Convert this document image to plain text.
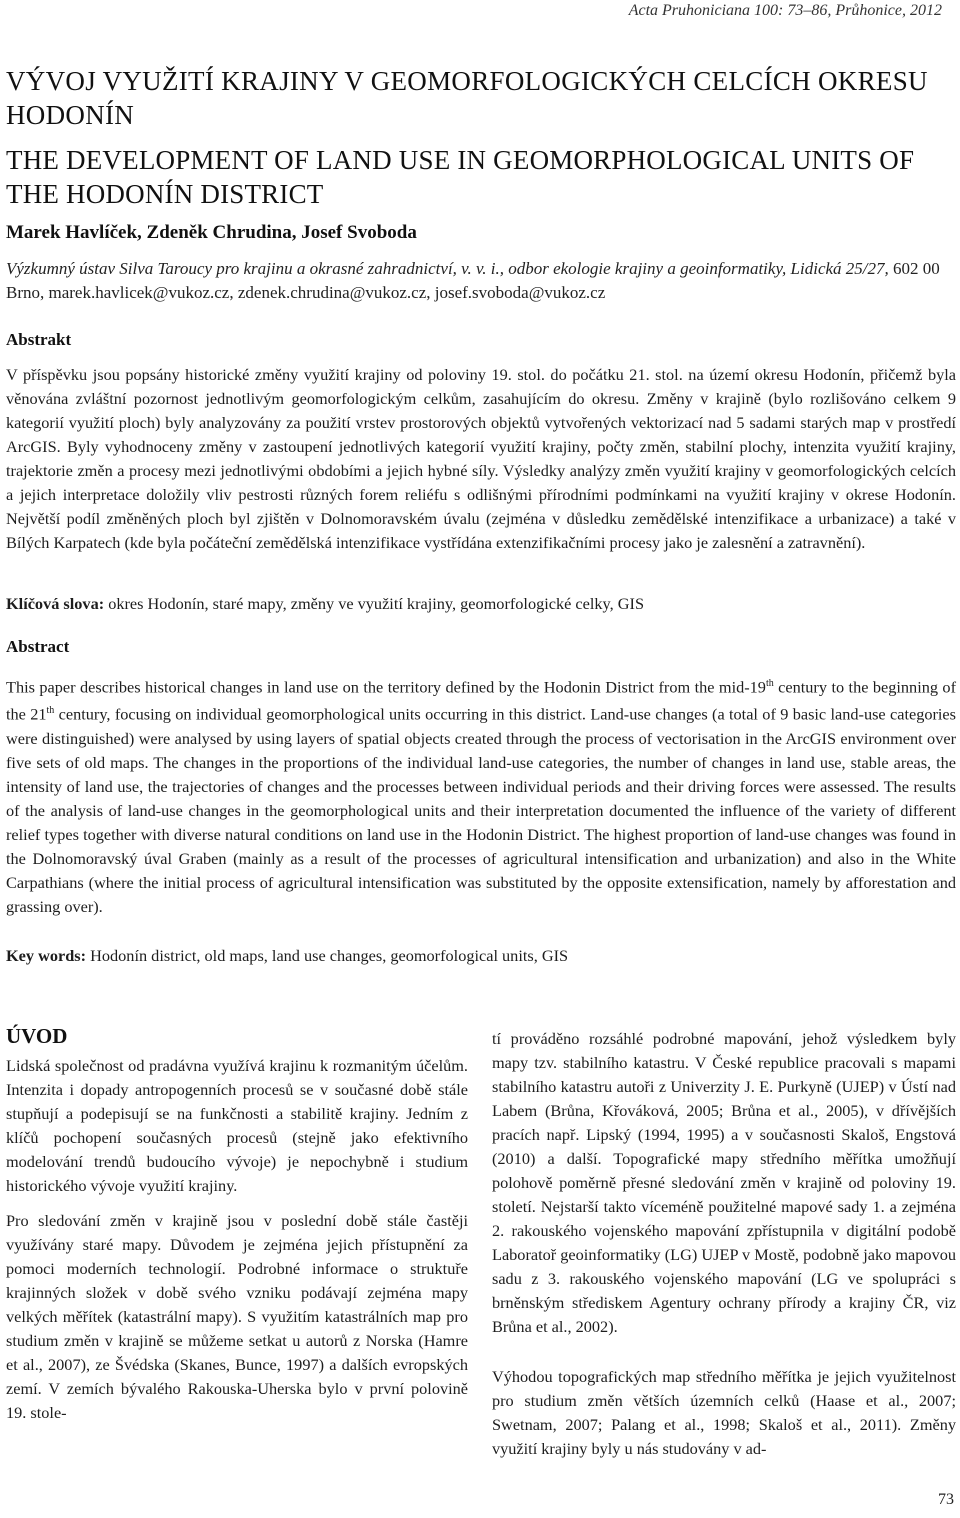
Acta Pruhoniciana 100: 73–86, Průhonice, 2012
VÝVOJ VYUŽITÍ KRAJINY V GEOMORFOLOGICKÝCH CELCÍCH OKRESU HODONÍN
THE DEVELOPMENT OF LAND USE IN GEOMORPHOLOGICAL UNITS OF THE HODONÍN DISTRICT
Marek Havlíček, Zdeněk Chrudina, Josef Svoboda
Výzkumný ústav Silva Taroucy pro krajinu a okrasné zahradnictví, v. v. i., odbor ekologie krajiny a geoinformatiky, Lidická 25/27, 602 00 Brno, marek.havlicek@vukoz.cz, zdenek.chrudina@vukoz.cz, josef.svoboda@vukoz.cz
Abstrakt
V příspěvku jsou popsány historické změny využití krajiny od poloviny 19. stol. do počátku 21. stol. na území okresu Hodonín, přičemž byla věnována zvláštní pozornost jednotlivým geomorfologickým celkům, zasahujícím do okresu. Změny v krajině (bylo rozlišováno celkem 9 kategorií využití ploch) byly analyzovány za použití vrstev prostorových objektů vytvořených vektorizací nad 5 sadami starých map v prostředí ArcGIS. Byly vyhodnoceny změny v zastoupení jednotlivých kategorií využití krajiny, počty změn, stabilní plochy, intenzita využití krajiny, trajektorie změn a procesy mezi jednotlivými obdobími a jejich hybné síly. Výsledky analýzy změn využití krajiny v geomorfologických celcích a jejich interpretace doložily vliv pestrosti různých forem reliéfu s odlišnými přírodními podmínkami na využití krajiny v okrese Hodonín. Největší podíl změněných ploch byl zjištěn v Dolnomoravském úvalu (zejména v důsledku zemědělské intenzifikace a urbanizace) a také v Bílých Karpatech (kde byla počáteční zemědělská intenzifikace vystřídána extenzifikačními procesy jako je zalesnění a zatravnění).
Klíčová slova: okres Hodonín, staré mapy, změny ve využití krajiny, geomorfologické celky, GIS
Abstract
This paper describes historical changes in land use on the territory defined by the Hodonin District from the mid-19th century to the beginning of the 21th century, focusing on individual geomorphological units occurring in this district. Land-use changes (a total of 9 basic land-use categories were distinguished) were analysed by using layers of spatial objects created through the process of vectorisation in the ArcGIS environment over five sets of old maps. The changes in the proportions of the individual land-use categories, the number of changes in land use, stable areas, the intensity of land use, the trajectories of changes and the processes between individual periods and their driving forces were assessed. The results of the analysis of land-use changes in the geomorphological units and their interpretation documented the influence of the variety of different relief types together with diverse natural conditions on land use in the Hodonin District. The highest proportion of land-use changes was found in the Dolnomoravský úval Graben (mainly as a result of the processes of agricultural intensification and urbanization) and also in the White Carpathians (where the initial process of agricultural intensification was substituted by the opposite extensification, namely by afforestation and grassing over).
Key words: Hodonín district, old maps, land use changes, geomorfological units, GIS
ÚVOD
Lidská společnost od pradávna využívá krajinu k rozmanitým účelům. Intenzita i dopady antropogenních procesů se v současné době stále stupňují a podepisují se na funkčnosti a stabilitě krajiny. Jedním z klíčů pochopení současných procesů (stejně jako efektivního modelování trendů budoucího vývoje) je nepochybně i studium historického vývoje využití krajiny.
Pro sledování změn v krajině jsou v poslední době stále častěji využívány staré mapy. Důvodem je zejména jejich přístupnění za pomoci moderních technologií. Podrobné informace o struktuře krajinných složek v době svého vzniku podávají zejména mapy velkých měřítek (katastrální mapy). S využitím katastrálních map pro studium změn v krajině se můžeme setkat u autorů z Norska (Hamre et al., 2007), ze Švédska (Skanes, Bunce, 1997) a dalších evropských zemí. V zemích bývalého Rakouska-Uherska bylo v první polovině 19. stole-
tí prováděno rozsáhlé podrobné mapování, jehož výsledkem byly mapy tzv. stabilního katastru. V České republice pracovali s mapami stabilního katastru autoři z Univerzity J. E. Purkyně (UJEP) v Ústí nad Labem (Brůna, Křováková, 2005; Brůna et al., 2005), v dřívějších pracích např. Lipský (1994, 1995) a v současnosti Skaloš, Engstová (2010) a další. Topografické mapy středního měřítka umožňují polohově poměrně přesné sledování změn v krajině od poloviny 19. století. Nejstarší takto víceméně použitelné mapové sady 1. a zejména 2. rakouského vojenského mapování zpřístupnila v digitální podobě Laboratoř geoinformatiky (LG) UJEP v Mostě, podobně jako mapovou sadu z 3. rakouského vojenského mapování (LG ve spolupráci s brněnským střediskem Agentury ochrany přírody a krajiny ČR, viz Brůna et al., 2002).
Výhodou topografických map středního měřítka je jejich využitelnost pro studium změn větších územních celků (Haase et al., 2007; Swetnam, 2007; Palang et al., 1998; Skaloš et al., 2011). Změny využití krajiny byly u nás studovány v ad-
73
